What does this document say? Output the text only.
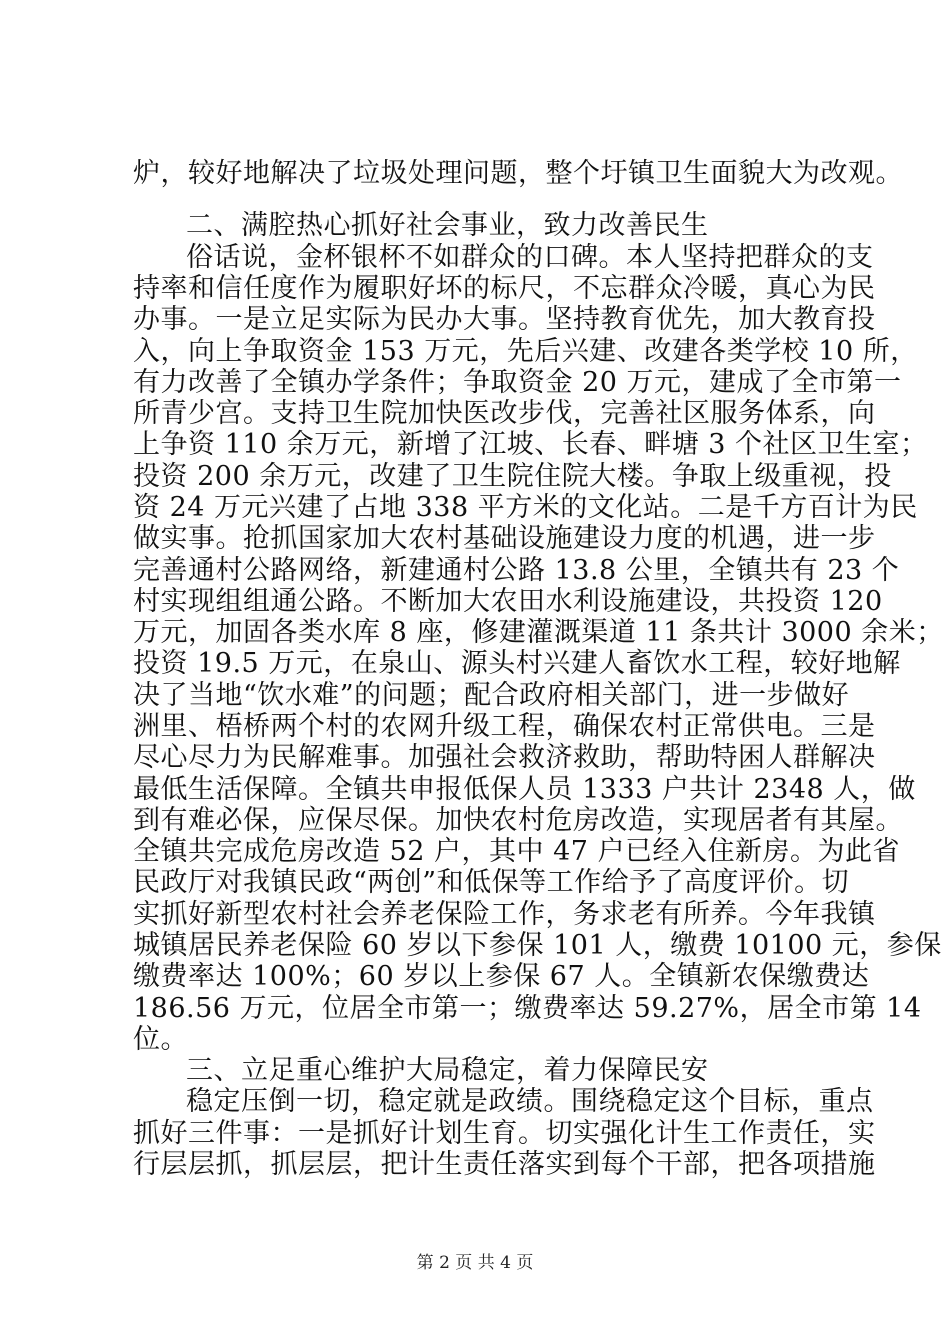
炉，较好地解决了垃圾处理问题，整个圩镇卫生面貌大为改观。
二、满腔热心抓好社会事业，致力改善民生
俗话说，金杯银杯不如群众的口碑。本人坚持把群众的支
持率和信任度作为履职好坏的标尺，不忘群众冷暖，真心为民
办事。一是立足实际为民办大事。坚持教育优先，加大教育投
入，向上争取资金 153 万元，先后兴建、改建各类学校 10 所，
有力改善了全镇办学条件；争取资金 20 万元，建成了全市第一
所青少宫。支持卫生院加快医改步伐，完善社区服务体系，向
上争资 110 余万元，新增了江坡、长春、畔塘 3 个社区卫生室；
投资 200 余万元，改建了卫生院住院大楼。争取上级重视，投
资 24 万元兴建了占地 338 平方米的文化站。二是千方百计为民
做实事。抢抓国家加大农村基础设施建设力度的机遇，进一步
完善通村公路网络，新建通村公路 13.8 公里，全镇共有 23 个
村实现组组通公路。不断加大农田水利设施建设，共投资 120
万元，加固各类水库 8 座，修建灌溉渠道 11 条共计 3000 余米；
投资 19.5 万元，在泉山、源头村兴建人畜饮水工程，较好地解
决了当地“饮水难”的问题；配合政府相关部门，进一步做好
洲里、梧桥两个村的农网升级工程，确保农村正常供电。三是
尽心尽力为民解难事。加强社会救济救助，帮助特困人群解决
最低生活保障。全镇共申报低保人员 1333 户共计 2348 人，做
到有难必保，应保尽保。加快农村危房改造，实现居者有其屋。
全镇共完成危房改造 52 户，其中 47 户已经入住新房。为此省
民政厅对我镇民政“两创”和低保等工作给予了高度评价。切
实抓好新型农村社会养老保险工作，务求老有所养。今年我镇
城镇居民养老保险 60 岁以下参保 101 人，缴费 10100 元，参保
缴费率达 100%；60 岁以上参保 67 人。全镇新农保缴费达
186.56 万元，位居全市第一；缴费率达 59.27%，居全市第 14
位。
三、立足重心维护大局稳定，着力保障民安
稳定压倒一切，稳定就是政绩。围绕稳定这个目标，重点
抓好三件事：一是抓好计划生育。切实强化计生工作责任，实
行层层抓，抓层层，把计生责任落实到每个干部，把各项措施
第 2 页 共 4 页
